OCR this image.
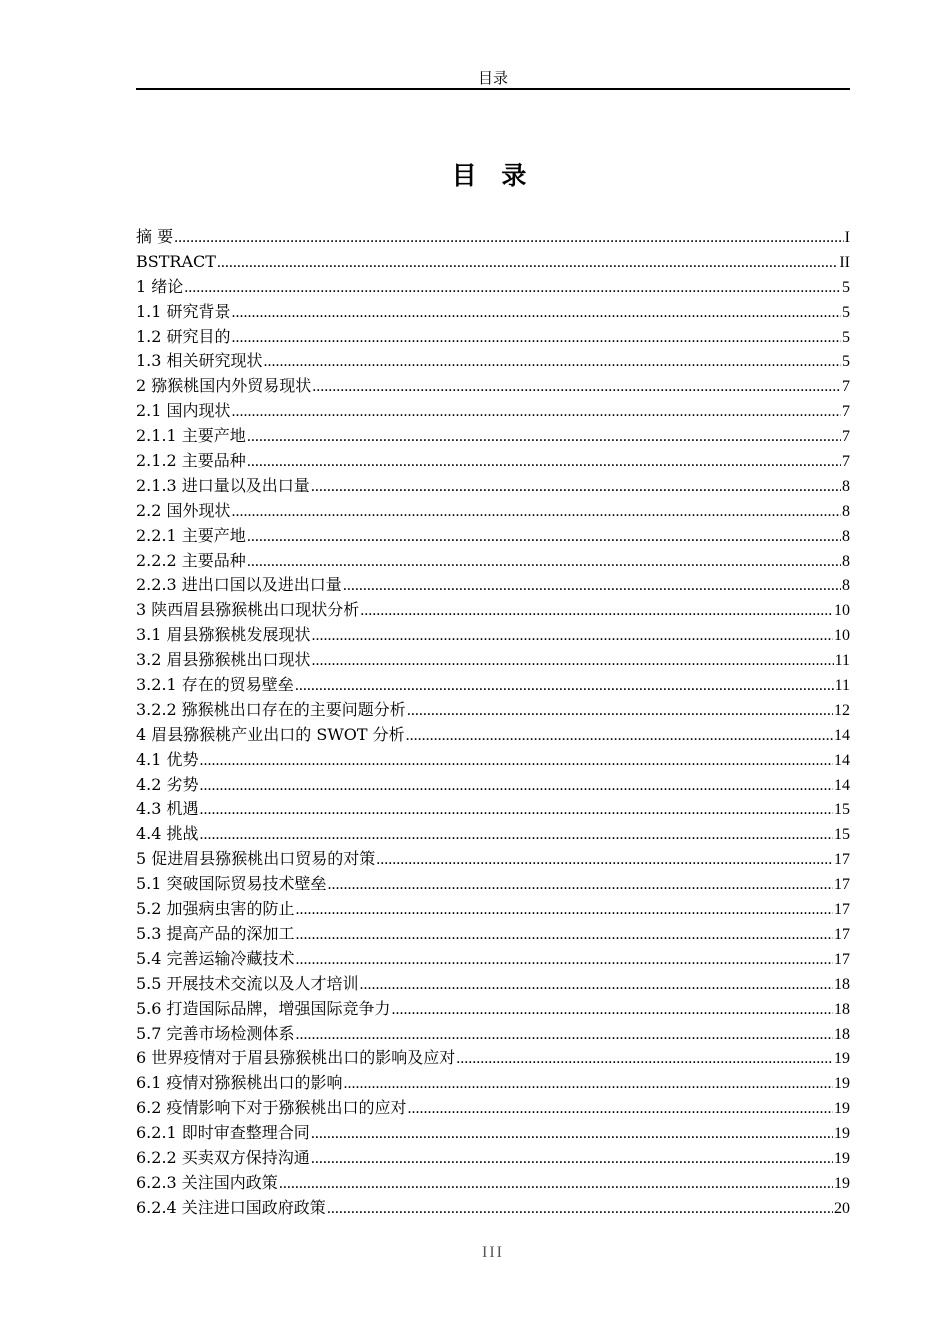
目录
目 录
摘 要 .....	I
BSTRACT .....	II
1 绪论 .....	5
1.1 研究背景 .....	5
1.2 研究目的 .....	5
1.3 相关研究现状 .....	5
2 猕猴桃国内外贸易现状 .....	7
2.1 国内现状 .....	7
2.1.1 主要产地 .....	7
2.1.2 主要品种 .....	7
2.1.3 进口量以及出口量 .....	8
2.2 国外现状 .....	8
2.2.1 主要产地 .....	8
2.2.2 主要品种 .....	8
2.2.3 进出口国以及进出口量 .....	8
3 陕西眉县猕猴桃出口现状分析 .....	10
3.1 眉县猕猴桃发展现状 .....	10
3.2 眉县猕猴桃出口现状 .....	11
3.2.1 存在的贸易壁垒 .....	11
3.2.2 猕猴桃出口存在的主要问题分析 .....	12
4 眉县猕猴桃产业出口的 SWOT 分析 .....	14
4.1 优势 .....	14
4.2 劣势 .....	14
4.3 机遇 .....	15
4.4 挑战 .....	15
5 促进眉县猕猴桃出口贸易的对策 .....	17
5.1 突破国际贸易技术壁垒 .....	17
5.2 加强病虫害的防止 .....	17
5.3 提高产品的深加工 .....	17
5.4 完善运输冷藏技术 .....	17
5.5 开展技术交流以及人才培训 .....	18
5.6 打造国际品牌，增强国际竞争力 .....	18
5.7 完善市场检测体系 .....	18
6 世界疫情对于眉县猕猴桃出口的影响及应对 .....	19
6.1 疫情对猕猴桃出口的影响 .....	19
6.2 疫情影响下对于猕猴桃出口的应对 .....	19
6.2.1 即时审查整理合同 .....	19
6.2.2 买卖双方保持沟通 .....	19
6.2.3 关注国内政策 .....	19
6.2.4 关注进口国政府政策 .....	20
III
